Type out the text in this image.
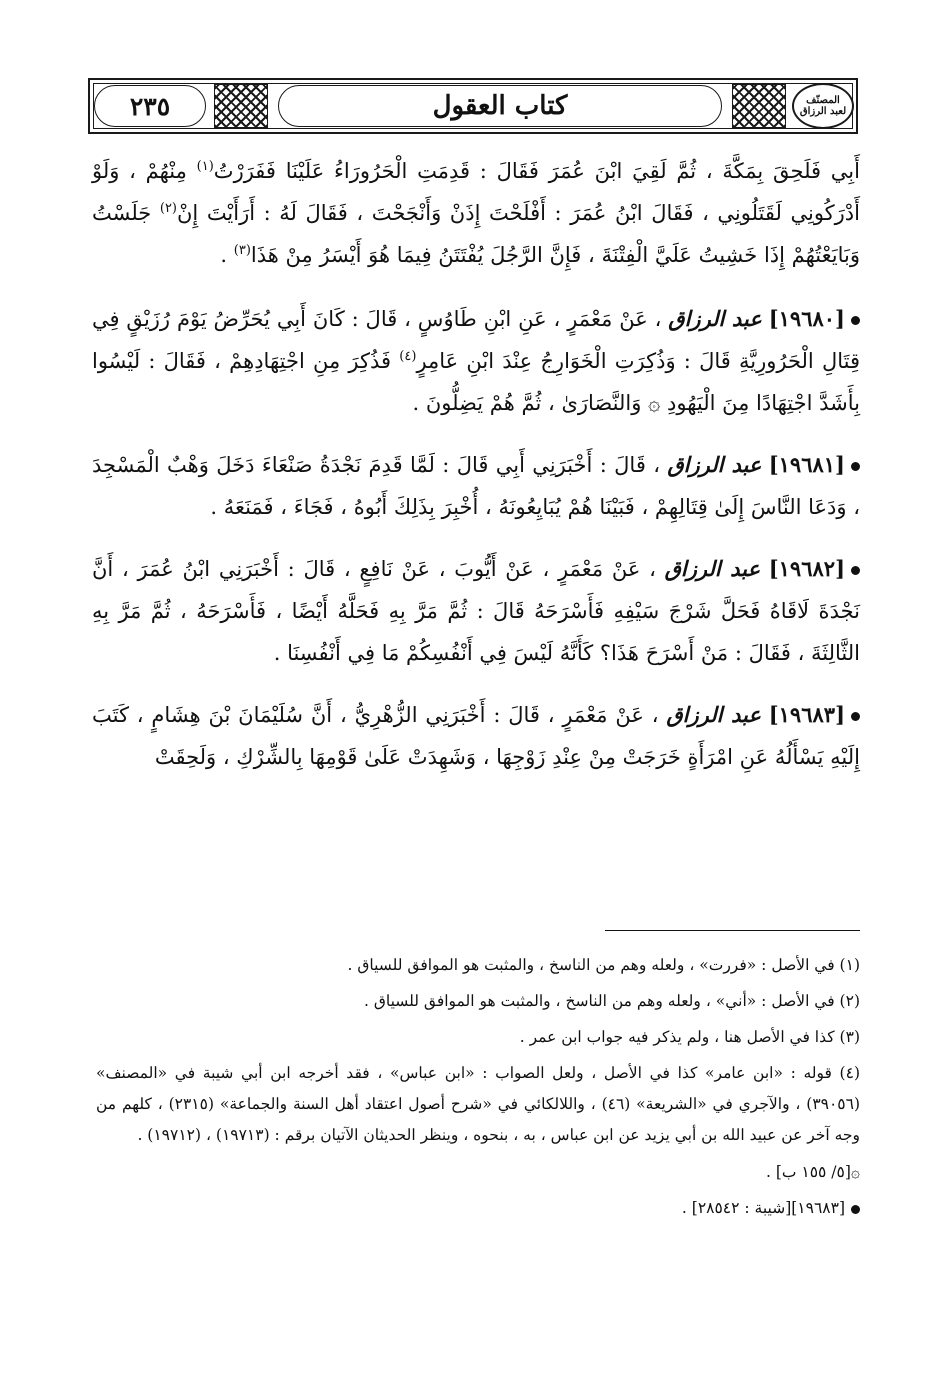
المصنّف
لعبد الرزاق
كتاب العقول
٢٣٥

أَبِي فَلَحِقَ بِمَكَّةَ ، ثُمَّ لَقِيَ ابْنَ عُمَرَ فَقَالَ : قَدِمَتِ الْحَرُورَاءُ عَلَيْنَا فَفَرَرْتُ$^{(١)}$ مِنْهُمْ ، وَلَوْ أَدْرَكُونِي لَقَتَلُونِي ، فَقَالَ ابْنُ عُمَرَ : أَفْلَحْتَ إِذَنْ وَأَنْجَحْتَ ، فَقَالَ لَهُ : أَرَأَيْتَ إِنْ$^{(٢)}$ جَلَسْتُ وَبَايَعْتُهُمْ إِذَا خَشِيتُ عَلَيَّ الْفِتْنَةَ ، فَإِنَّ الرَّجُلَ يُفْتَتَنُ فِيمَا هُوَ أَيْسَرُ مِنْ هَذَا$^{(٣)}$ .

[١٩٦٨٠] عبد الرزاق ، عَنْ مَعْمَرٍ ، عَنِ ابْنِ طَاوُسٍ ، قَالَ : كَانَ أَبِي يُحَرِّضُ يَوْمَ رُزَيْقٍ فِي قِتَالِ الْحَرُورِيَّةِ قَالَ : وَذُكِرَتِ الْخَوَارِجُ عِنْدَ ابْنِ عَامِرٍ$^{(٤)}$ فَذُكِرَ مِنِ اجْتِهَادِهِمْ ، فَقَالَ : لَيْسُوا بِأَشَدَّ اجْتِهَادًا مِنَ الْيَهُودِ ۞ وَالنَّصَارَىٰ ، ثُمَّ هُمْ يَضِلُّونَ .

[١٩٦٨١] عبد الرزاق ، قَالَ : أَخْبَرَنِي أَبِي قَالَ : لَمَّا قَدِمَ نَجْدَةُ صَنْعَاءَ دَخَلَ وَهْبٌ الْمَسْجِدَ ، وَدَعَا النَّاسَ إِلَىٰ قِتَالِهِمْ ، فَبَيْنَا هُمْ يُبَايِعُونَهُ ، أُخْبِرَ بِذَلِكَ أَبُوهُ ، فَجَاءَ ، فَمَنَعَهُ .

[١٩٦٨٢] عبد الرزاق ، عَنْ مَعْمَرٍ ، عَنْ أَيُّوبَ ، عَنْ نَافِعٍ ، قَالَ : أَخْبَرَنِي ابْنُ عُمَرَ ، أَنَّ نَجْدَةَ لَاقَاهُ فَحَلَّ شَرْجَ سَيْفِهِ فَأَسْرَحَهُ قَالَ : ثُمَّ مَرَّ بِهِ فَحَلَّهُ أَيْضًا ، فَأَسْرَحَهُ ، ثُمَّ مَرَّ بِهِ الثَّالِثَةَ ، فَقَالَ : مَنْ أَسْرَحَ هَذَا؟ كَأَنَّهُ لَيْسَ فِي أَنْفُسِكُمْ مَا فِي أَنْفُسِنَا .

[١٩٦٨٣] عبد الرزاق ، عَنْ مَعْمَرٍ ، قَالَ : أَخْبَرَنِي الزُّهْرِيُّ ، أَنَّ سُلَيْمَانَ بْنَ هِشَامٍ ، كَتَبَ إِلَيْهِ يَسْأَلُهُ عَنِ امْرَأَةٍ خَرَجَتْ مِنْ عِنْدِ زَوْجِهَا ، وَشَهِدَتْ عَلَىٰ قَوْمِهَا بِالشِّرْكِ ، وَلَحِقَتْ

(١) في الأصل : «فررت» ، ولعله وهم من الناسخ ، والمثبت هو الموافق للسياق .
(٢) في الأصل : «أني» ، ولعله وهم من الناسخ ، والمثبت هو الموافق للسياق .
(٣) كذا في الأصل هنا ، ولم يذكر فيه جواب ابن عمر .
(٤) قوله : «ابن عامر» كذا في الأصل ، ولعل الصواب : «ابن عباس» ، فقد أخرجه ابن أبي شيبة في «المصنف» (٣٩٠٥٦) ، والآجري في «الشريعة» (٤٦) ، واللالكائي في «شرح أصول اعتقاد أهل السنة والجماعة» (٢٣١٥) ، كلهم من وجه آخر عن عبيد الله بن أبي يزيد عن ابن عباس ، به ، بنحوه ، وينظر الحديثان الآتيان برقم : (١٩٧١٣) ، (١٩٧١٢) .
۞[٥/ ١٥٥ ب] .
[١٩٦٨٣][شيبة : ٢٨٥٤٢] .
